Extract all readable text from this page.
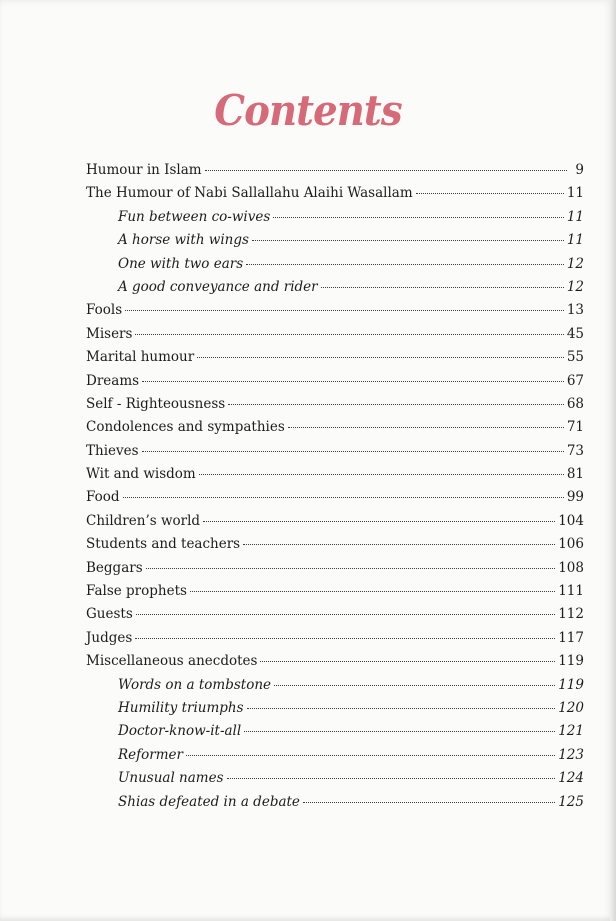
Contents
Humour in Islam	9
The Humour of Nabi Sallallahu Alaihi Wasallam	11
Fun between co-wives	11
A horse with wings	11
One with two ears	12
A good conveyance and rider	12
Fools	13
Misers	45
Marital humour	55
Dreams	67
Self - Righteousness	68
Condolences and sympathies	71
Thieves	73
Wit and wisdom	81
Food	99
Children’s world	104
Students and teachers	106
Beggars	108
False prophets	111
Guests	112
Judges	117
Miscellaneous anecdotes	119
Words on a tombstone	119
Humility triumphs	120
Doctor-know-it-all	121
Reformer	123
Unusual names	124
Shias defeated in a debate	125
